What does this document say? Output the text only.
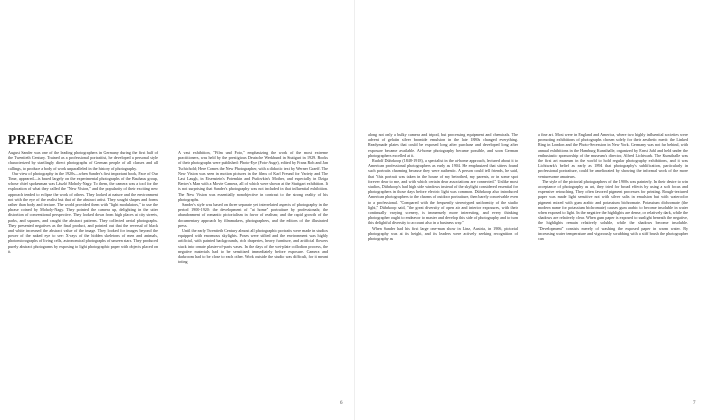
PREFACE

August Sander was one of the leading photographers in Germany during the first half of the Twentieth Century. Trained as a professional portraitist, he developed a personal style characterized by startlingly direct photographs of German people of all classes and all callings, to produce a body of work unparalleled in the history of photography.

Our view of photography in the 1920s—when Sander's first important book, Face of Our Time, appeared—is based largely on the experimental photographs of the Bauhaus group, whose chief spokesman was László Moholy-Nagy. To them, the camera was a tool for the exploration of what they called the "New Vision," and the popularity of their exciting new approach tended to eclipse the work of others. They looked at nature and the environment not with the eye of the realist but that of the abstract artist. They sought shapes and forms rather than body and texture. The world provided them with "light modulators," to use the phrase coined by Moholy-Nagy. They pointed the camera up, delighting in the utter distortion of conventional perspective. They looked down from high places at city streets, parks, and squares, and caught the abstract patterns. They collected aerial photographs. They presented negatives as the final product, and pointed out that the reversal of black and white increased the abstract value of the image. They looked for images beyond the power of the naked eye to see: X-rays of the hidden skeletons of men and animals, photomicrographs of living cells, astronomical photographs of unseen stars. They produced purely abstract photograms by exposing to light photographic paper with objects placed on it.

A vast exhibition, "Film und Foto," emphasizing the work of the most extreme practitioners, was held by the prestigious Deutsche Werkbund in Stuttgart in 1929. Books of their photographs were published: Photo-Eye (Foto-Auge), edited by Franz Roh and Jan Tschichold; Here Comes the New Photographer, with a didactic text by Werner Graeff. The New Vision was seen in motion pictures in the films of Karl Freund for Variety and The Last Laugh, in Eisenstein's Potemkin and Pudovkin's Mother, and especially in Dziga Bertov's Man with a Movie Camera, all of which were shown at the Stuttgart exhibition. It is not surprising that Sander's photography was not included in that influential exhibition. The New Vision was essentially nonobjective in contrast to the strong reality of his photographs.

Sander's style was based on three separate yet interrelated aspects of photography in the period 1900-1920: the development of "at home" portraiture by professionals; the abandonment of romantic pictorialism in favor of realism; and the rapid growth of the documentary approach by filmmakers, photographers, and the editors of the illustrated press.

Until the early Twentieth Century almost all photographic portraits were made in studios equipped with enormous skylights. Poses were stilted and the environment was highly artificial, with painted backgrounds, rich draperies, heavy furniture, and artificial flowers stuck into ornate plaster-of-paris vases. In the days of the wet-plate collodion process, the negative materials had to be sensitized immediately before exposure. Camera and darkroom had to be close to each other. Work outside the studio was difficult, for it meant toting

along not only a bulky camera and tripod, but processing equipment and chemicals. The advent of gelatin silver bromide emulsion in the late 1880s changed everything. Readymade plates that could be exposed long after purchase and developed long after exposure became available. At-home photography became possible, and soon German photographers excelled at it.

Rudolf Dührkoop (1848-1918), a specialist in the at-home approach, lectured about it to American professional photographers as early as 1904. He emphasized that sitters found such portraits charming because they were authentic. A person could tell friends, he said, that "this portrait was taken in the house of my betrothed, my parents, or in some spot forever dear to me, and with which certain dear associations are connected." Unlike most studios, Dührkoop's had high side windows instead of the skylight considered essential for photographers in those days before electric light was common. Dührkoop also introduced American photographers to the charms of outdoor portraiture, then barely conceivable even to a professional. "Compared with the frequently stereotyped uniformity of the studio light," Dührkoop said, "the great diversity of open air and interior exposures, with their continually varying scenery, is immensely more interesting, and every thinking photographer ought to endeavor to master and develop this side of photography and to turn this delightful diversity to account also in a business way."

When Sander had his first large one-man show in Linz, Austria, in 1906, pictorial photography was at its height, and its leaders were actively seeking recognition of photography as

a fine art. Most were in England and America, where two highly influential societies were promoting exhibitions of photographs chosen solely for their aesthetic merit: the Linked Ring in London and the Photo-Secession in New York. Germany was not far behind, with annual exhibitions in the Hamburg Kunsthalle, organized by Ernst Juhl and held under the enthusiastic sponsorship of the museum's director, Alfred Lichtwark. The Kunsthalle was the first art museum in the world to hold regular photography exhibitions, and it was Lichtwark's belief as early as 1894 that photography's sublification, particularly in professional portraiture, could be ameliorated by showing the informal work of the more venturesome amateurs.

The style of the pictorial photographers of the 1900s was painterly. In their desire to win acceptance of photography as art, they tried for broad effects by using a soft focus and expensive retouching. They often favored pigment processes for printing. Rough-textured paper was made light sensitive not with silver salts in emulsion but with watercolor pigment mixed with gum arabic and potassium bichromate. Potassium dichromate (the modern name for potassium bichromate) causes gum arabic to become insoluble in water when exposed to light. In the negative the highlights are dense, or relatively dark, while the shadows are relatively clear. When gum paper is exposed to sunlight beneath the negative, the highlights remain relatively soluble, while the shadows become insoluble. "Development" consists merely of washing the exposed paper in warm water. By increasing water temperature and vigorously scrubbing with a stiff brush the photographer can

6	7
